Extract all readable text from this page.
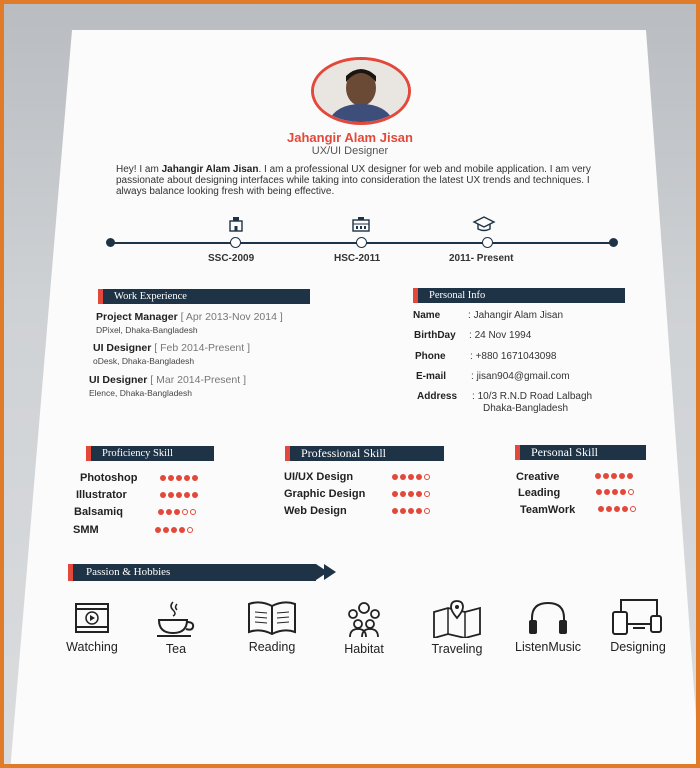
Jahangir Alam Jisan
UX/UI Designer
Hey! I am Jahangir Alam Jisan. I am a professional UX designer for web and mobile application. I am very passionate about designing interfaces while taking into consideration the latest UX trends and techniques. I always balance looking fresh with being effective.
SSC-2009	HSC-2011	2011- Present
Work Experience
Project Manager [ Apr 2013-Nov 2014 ]
DPixel, Dhaka-Bangladesh
UI Designer [ Feb 2014-Present ]
oDesk, Dhaka-Bangladesh
UI Designer [ Mar 2014-Present ]
Elence, Dhaka-Bangladesh
Personal Info
Name	: Jahangir Alam Jisan
BirthDay : 24 Nov 1994
Phone : +880 1671043098
E-mail : jisan904@gmail.com
Address : 10/3 R.N.D Road Lalbagh
Dhaka-Bangladesh
Proficiency Skill	Professional Skill	Personal Skill
Photoshop
Illustrator
Balsamiq
SMM
UI/UX Design
Graphic Design
Web Design
Creative
Leading
TeamWork
Passion & Hobbies
Watching	Tea	Reading	Habitat	Traveling	ListenMusic	Designing
